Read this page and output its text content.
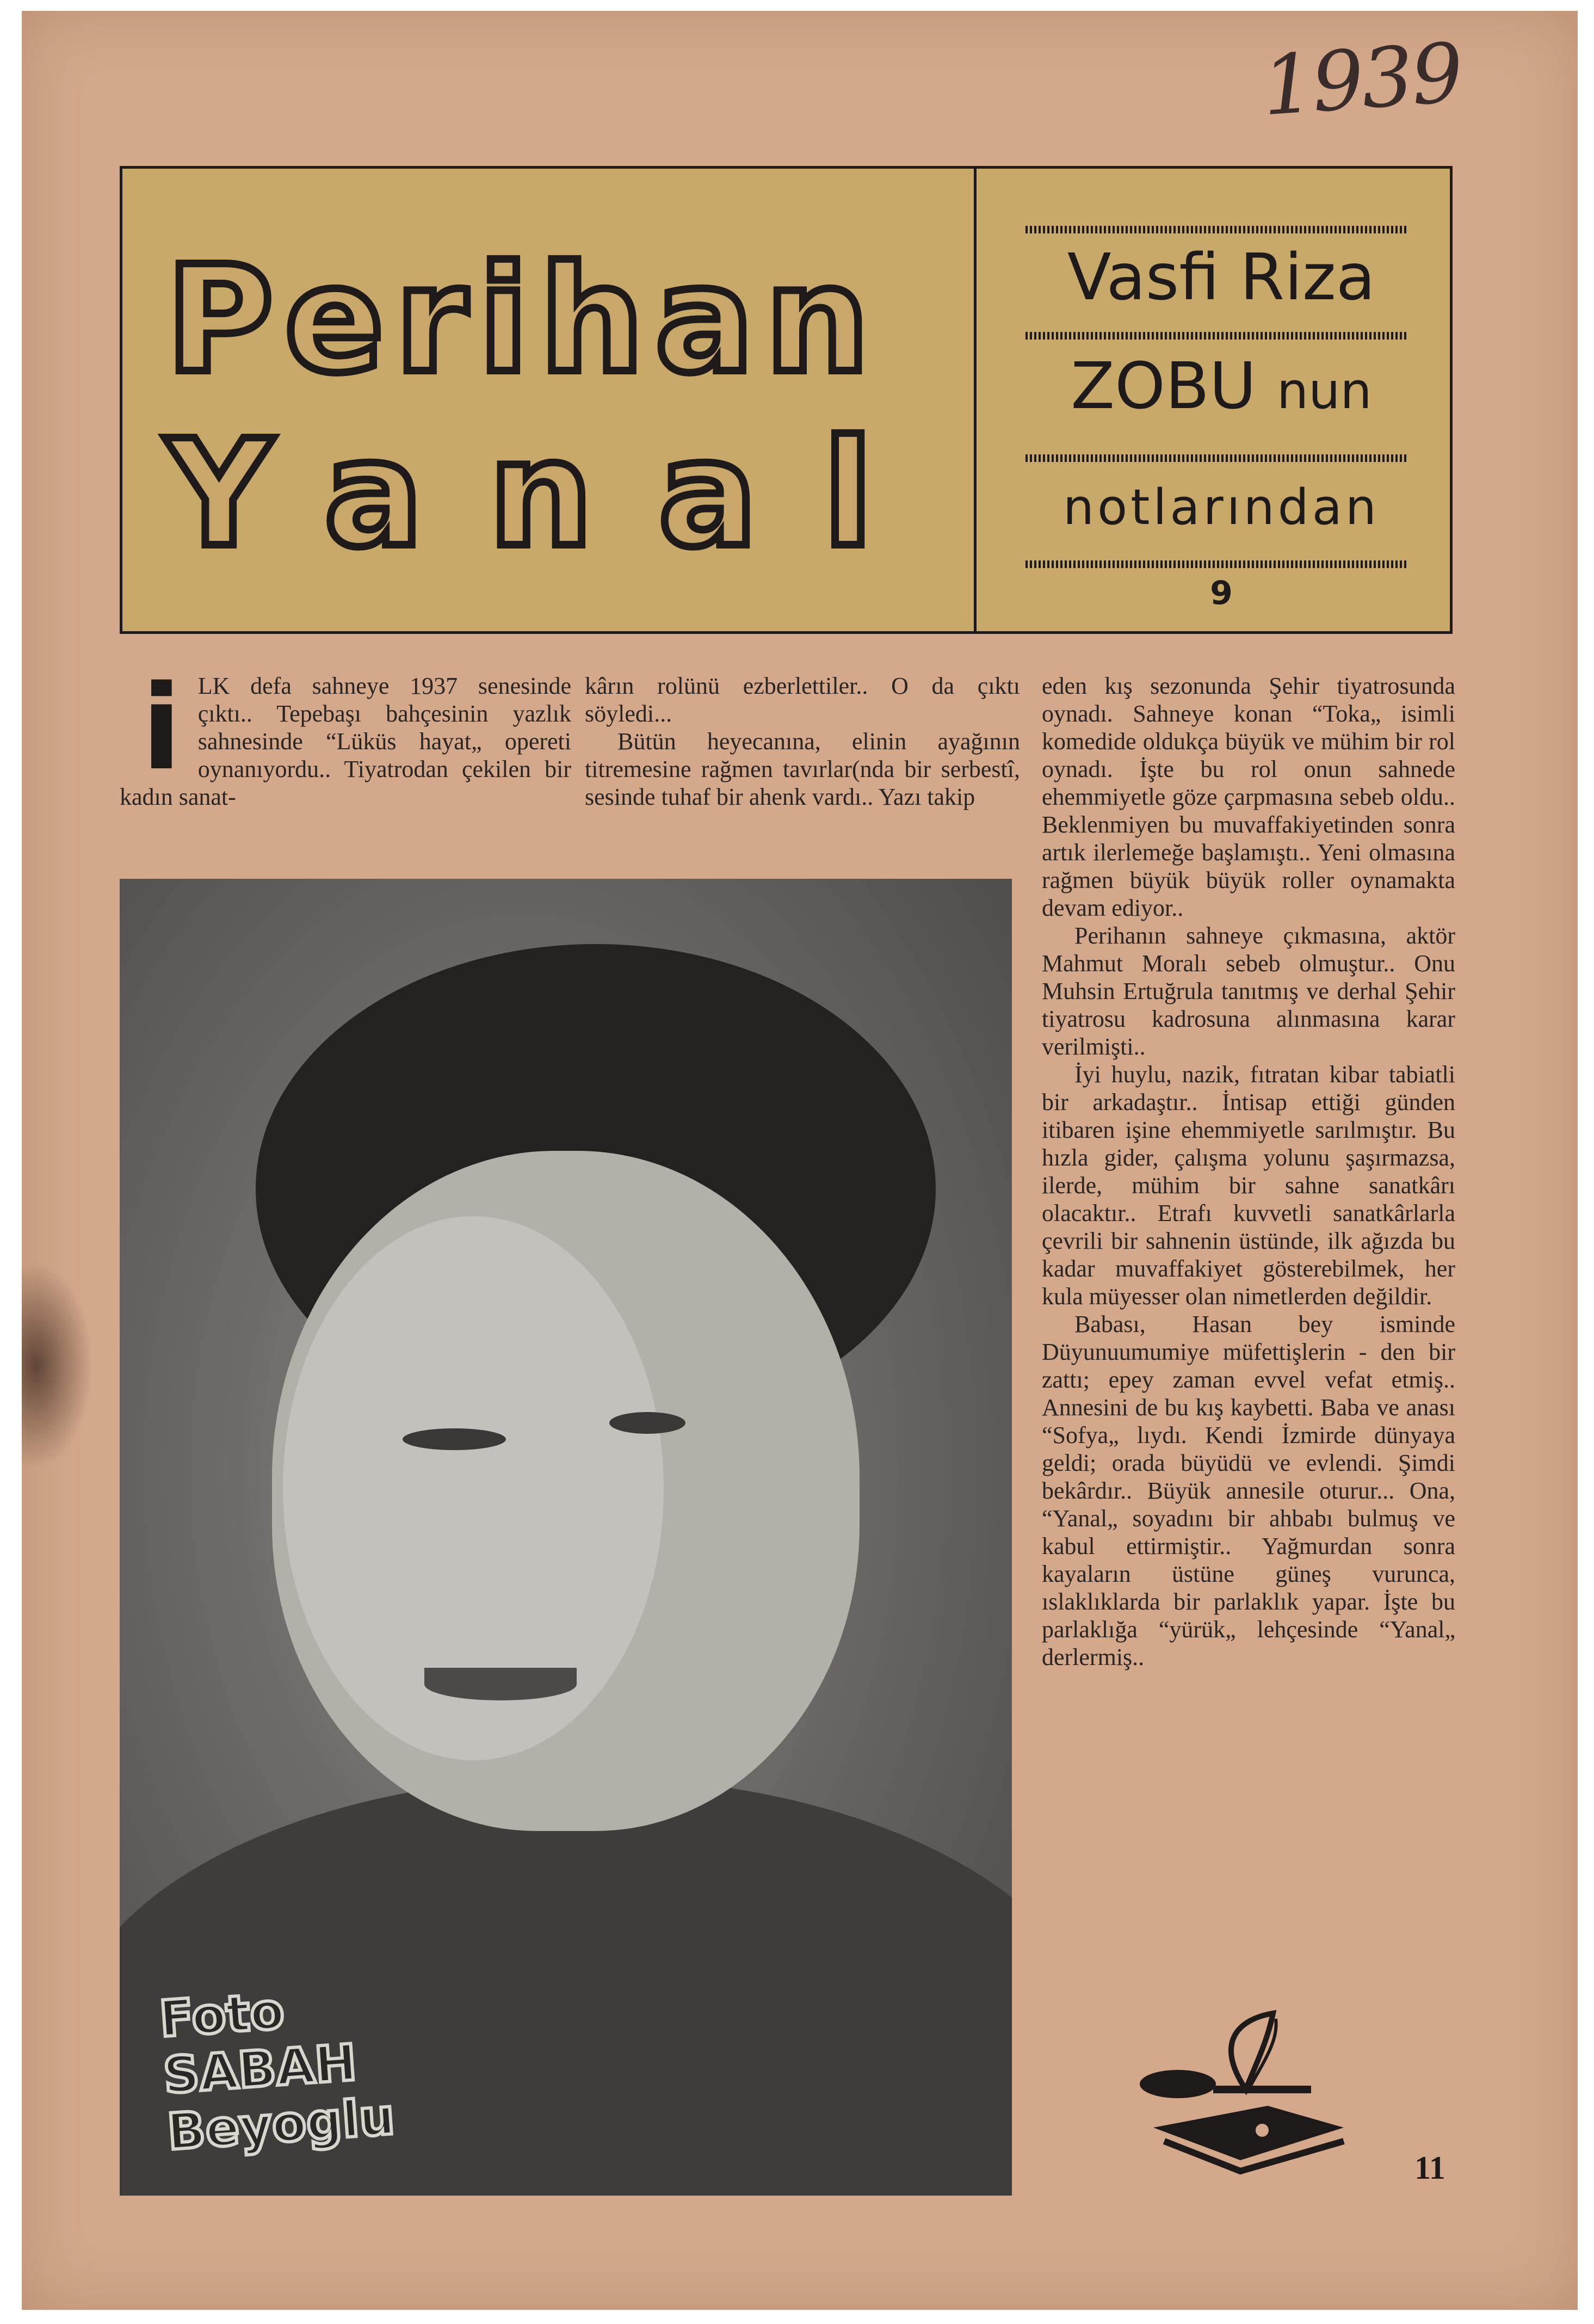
1939
Perihan
Yanal
Vasfi Riza
ZOBU nun
notlarından
9
i LK defa sahneye 1937 senesinde çıktı.. Tepebaşı bahçesinin yazlık sahnesinde “Lüküs hayat„ opereti oynanıyordu.. Tiyatrodan çekilen bir kadın sanat-

kârın rolünü ezberlettiler.. O da çıktı söyledi...

Bütün heyecanına, elinin ayağının titremesine rağmen tavırlar(nda bir serbestî, sesinde tuhaf bir ahenk vardı.. Yazı takip

eden kış sezonunda Şehir tiyatrosunda oynadı. Sahneye konan “Toka„ isimli komedide oldukça büyük ve mühim bir rol oynadı. İşte bu rol onun sahnede ehemmiyetle göze çarpmasına sebeb oldu.. Beklenmiyen bu muvaffakiyetinden sonra artık ilerlemeğe başlamıştı.. Yeni olmasına rağmen büyük büyük roller oynamakta devam ediyor..

Perihanın sahneye çıkmasına, aktör Mahmut Moralı sebeb olmuştur.. Onu Muhsin Ertuğrula tanıtmış ve derhal Şehir tiyatrosu kadrosuna alınmasına karar verilmişti..

İyi huylu, nazik, fıtratan kibar tabiatli bir arkadaştır.. İntisap ettiği günden itibaren işine ehemmiyetle sarılmıştır. Bu hızla gider, çalışma yolunu şaşırmazsa, ilerde, mühim bir sahne sanatkârı olacaktır.. Etrafı kuvvetli sanatkârlarla çevrili bir sahnenin üstünde, ilk ağızda bu kadar muvaffakiyet gösterebilmek, her kula müyesser olan nimetlerden değildir.

Babası, Hasan bey isminde Düyunuumumiye müfettişlerin - den bir zattı; epey zaman evvel vefat etmiş.. Annesini de bu kış kaybetti. Baba ve anası “Sofya„ lıydı. Kendi İzmirde dünyaya geldi; orada büyüdü ve evlendi. Şimdi bekârdır.. Büyük annesile oturur... Ona, “Yanal„ soyadını bir ahbabı bulmuş ve kabul ettirmiştir.. Yağmurdan sonra kayaların üstüne güneş vurunca, ıslaklıklarda bir parlaklık yapar. İşte bu parlaklığa “yürük„ lehçesinde “Yanal„ derlermiş..

Foto
SABAH
Beyoglu
11
